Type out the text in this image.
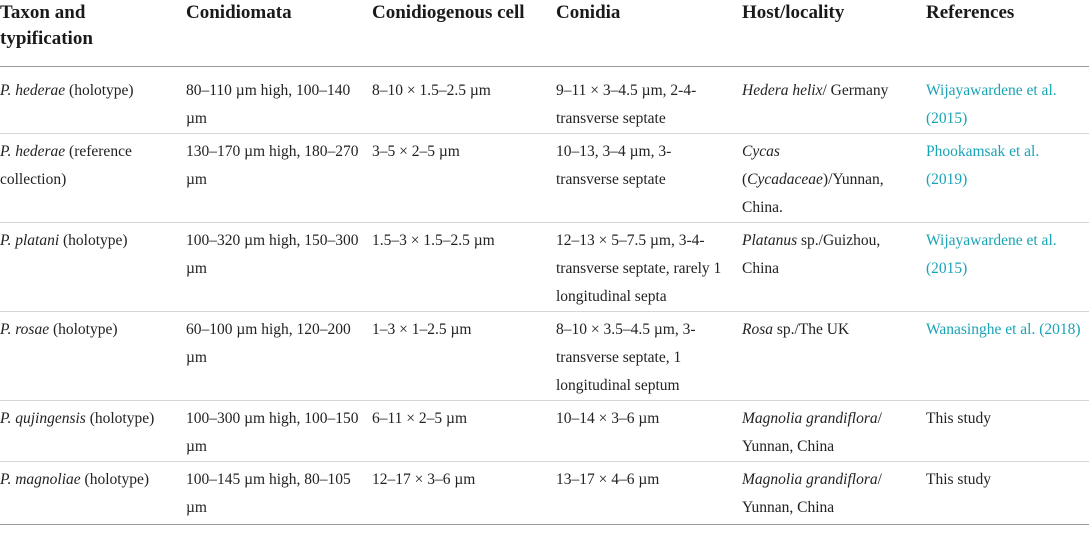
Taxon and typification	Conidiomata	Conidiogenous cell	Conidia	Host/locality	References
P. hederae (holotype)	80–110 µm high, 100–140 µm	8–10 × 1.5–2.5 µm	9–11 × 3–4.5 µm, 2-4-transverse septate	Hedera helix/ Germany	Wijayawardene et al. (2015)
P. hederae (reference collection)	130–170 µm high, 180–270 µm	3–5 × 2–5 µm	10–13, 3–4 µm, 3-transverse septate	Cycas (Cycadaceae)/Yunnan, China.	Phookamsak et al. (2019)
P. platani (holotype)	100–320 µm high, 150–300 µm	1.5–3 × 1.5–2.5 µm	12–13 × 5–7.5 µm, 3-4-transverse septate, rarely 1 longitudinal septa	Platanus sp./Guizhou, China	Wijayawardene et al. (2015)
P. rosae (holotype)	60–100 µm high, 120–200 µm	1–3 × 1–2.5 µm	8–10 × 3.5–4.5 µm, 3-transverse septate, 1 longitudinal septum	Rosa sp./The UK	Wanasinghe et al. (2018)
P. qujingensis (holotype)	100–300 µm high, 100–150 µm	6–11 × 2–5 µm	10–14 × 3–6 µm	Magnolia grandiflora/ Yunnan, China	This study
P. magnoliae (holotype)	100–145 µm high, 80–105 µm	12–17 × 3–6 µm	13–17 × 4–6 µm	Magnolia grandiflora/ Yunnan, China	This study
